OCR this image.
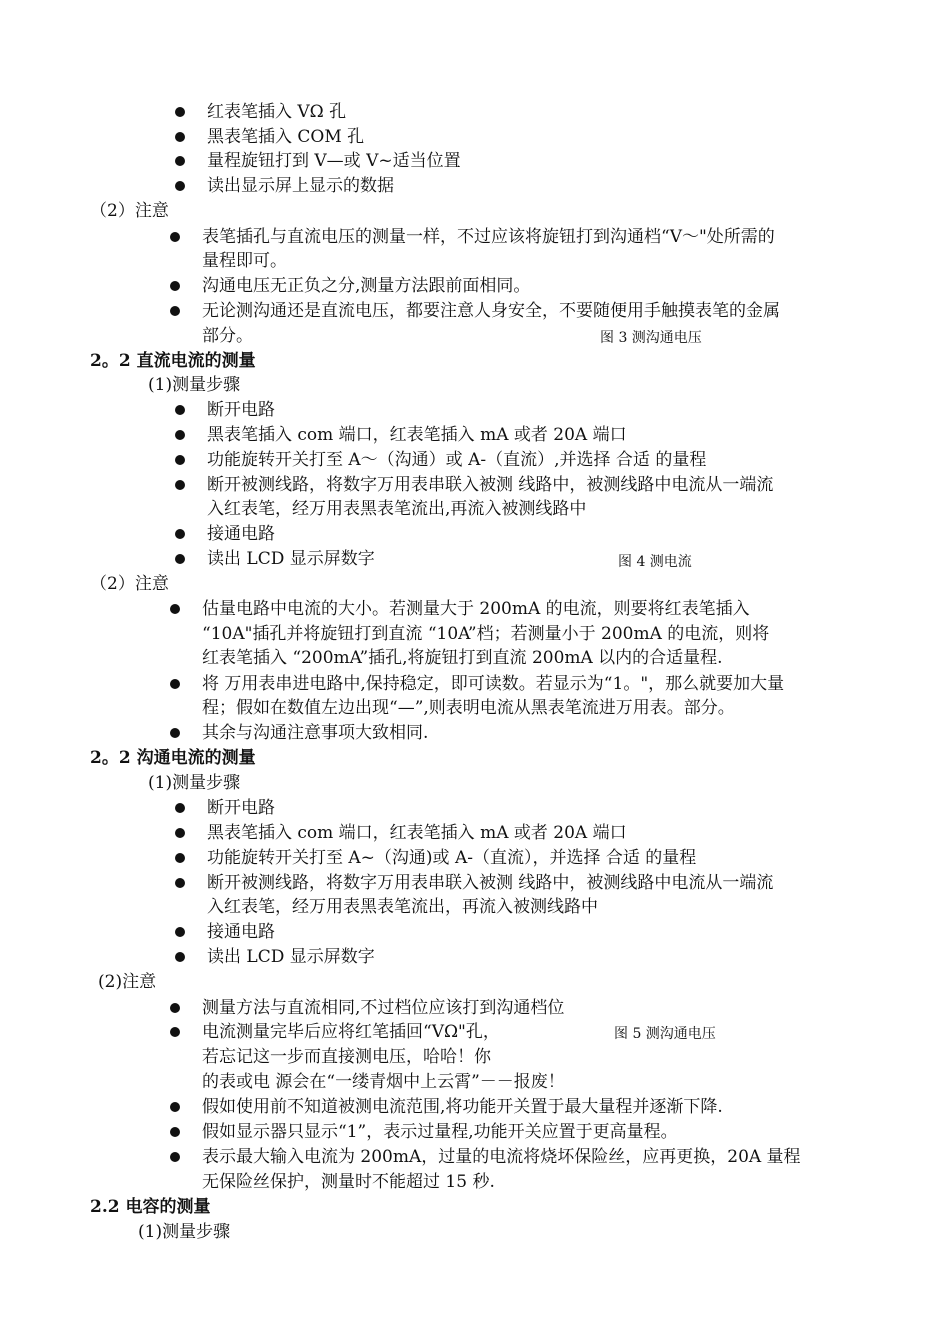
红表笔插入 VΩ 孔
黑表笔插入 COM 孔
量程旋钮打到 V—或 V~适当位置
读出显示屏上显示的数据
（2）注意
表笔插孔与直流电压的测量一样，不过应该将旋钮打到沟通档“V～"处所需的
量程即可。
沟通电压无正负之分,测量方法跟前面相同。
无论测沟通还是直流电压，都要注意人身安全，不要随便用手触摸表笔的金属
部分。
2。2 直流电流的测量
(1)测量步骤
断开电路
黑表笔插入 com 端口，红表笔插入 mA 或者 20A 端口
功能旋转开关打至 A～（沟通）或 A-（直流）,并选择 合适 的量程
断开被测线路，将数字万用表串联入被测 线路中，被测线路中电流从一端流
入红表笔，经万用表黑表笔流出,再流入被测线路中
接通电路
读出 LCD 显示屏数字
（2）注意
估量电路中电流的大小。若测量大于 200mA 的电流，则要将红表笔插入
“10A"插孔并将旋钮打到直流 “10A”档；若测量小于 200mA 的电流，则将
红表笔插入 “200mA”插孔,将旋钮打到直流 200mA 以内的合适量程.
将 万用表串进电路中,保持稳定，即可读数。若显示为“1。"，那么就要加大量
程；假如在数值左边出现“—”,则表明电流从黑表笔流进万用表。部分。
其余与沟通注意事项大致相同.
2。2 沟通电流的测量
(1)测量步骤
断开电路
黑表笔插入 com 端口，红表笔插入 mA 或者 20A 端口
功能旋转开关打至 A~（沟通)或 A-（直流），并选择 合适 的量程
断开被测线路，将数字万用表串联入被测 线路中，被测线路中电流从一端流
入红表笔，经万用表黑表笔流出，再流入被测线路中
接通电路
读出 LCD 显示屏数字
(2)注意
测量方法与直流相同,不过档位应该打到沟通档位
电流测量完毕后应将红笔插回“VΩ"孔，
若忘记这一步而直接测电压，哈哈！你
的表或电 源会在“一缕青烟中上云霄”－－报废！
假如使用前不知道被测电流范围,将功能开关置于最大量程并逐渐下降.
假如显示器只显示“1”，表示过量程,功能开关应置于更高量程。
表示最大输入电流为 200mA，过量的电流将烧坏保险丝，应再更换，20A 量程
无保险丝保护，测量时不能超过 15 秒.
2.2 电容的测量
(1)测量步骤
图 3 测沟通电压
图 4 测电流
图 5 测沟通电压
